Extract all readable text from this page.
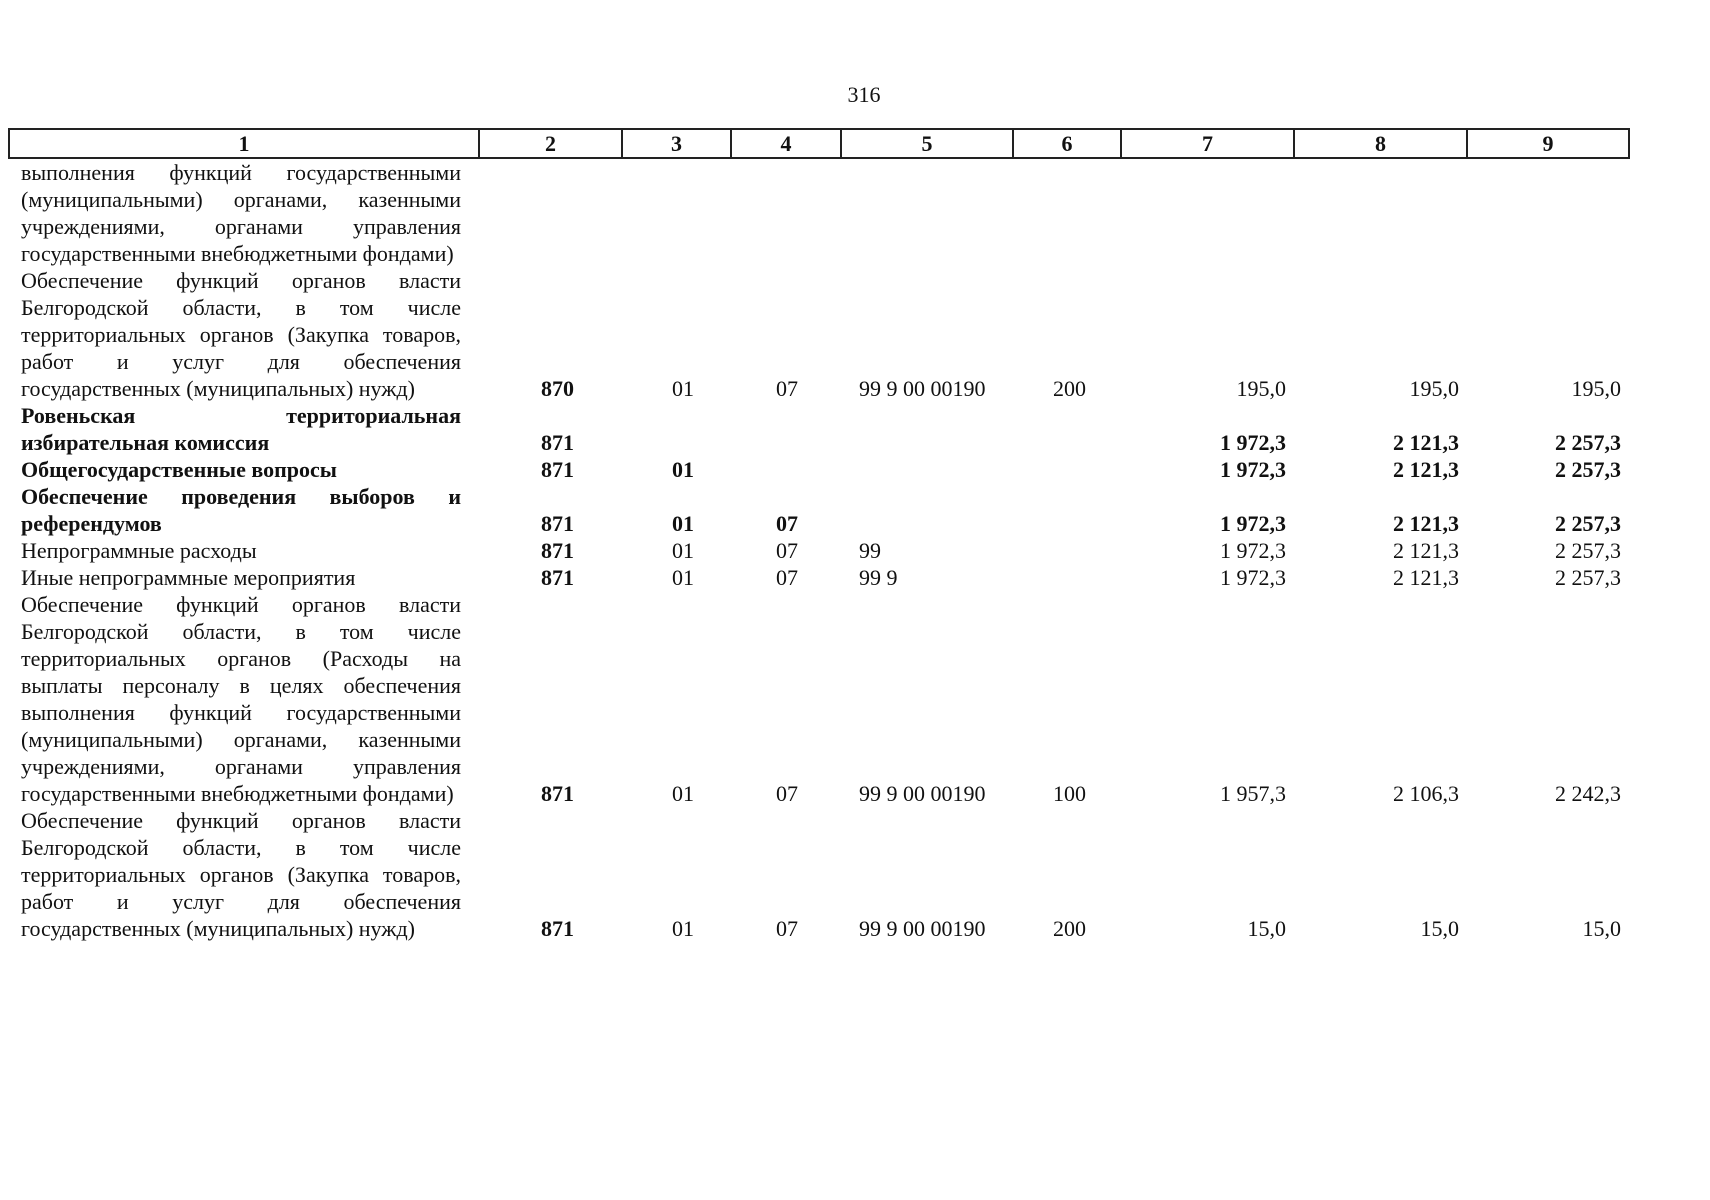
316
1	2	3	4	5	6	7	8	9
выполнения функций государственными (муниципальными) органами, казенными учреждениями, органами управления государственными внебюджетными фондами)								
Обеспечение функций органов власти Белгородской области, в том числе территориальных органов (Закупка товаров, работ и услуг для обеспечения государственных (муниципальных) нужд)	870	01	07	99 9 00 00190	200	195,0	195,0	195,0
Ровеньская территориальная избирательная комиссия	871					1 972,3	2 121,3	2 257,3
Общегосударственные вопросы	871	01				1 972,3	2 121,3	2 257,3
Обеспечение проведения выборов и референдумов	871	01	07			1 972,3	2 121,3	2 257,3
Непрограммные расходы	871	01	07	99		1 972,3	2 121,3	2 257,3
Иные непрограммные мероприятия	871	01	07	99 9		1 972,3	2 121,3	2 257,3
Обеспечение функций органов власти Белгородской области, в том числе территориальных органов (Расходы на выплаты персоналу в целях обеспечения выполнения функций государственными (муниципальными) органами, казенными учреждениями, органами управления государственными внебюджетными фондами)	871	01	07	99 9 00 00190	100	1 957,3	2 106,3	2 242,3
Обеспечение функций органов власти Белгородской области, в том числе территориальных органов (Закупка товаров, работ и услуг для обеспечения государственных (муниципальных) нужд)	871	01	07	99 9 00 00190	200	15,0	15,0	15,0
